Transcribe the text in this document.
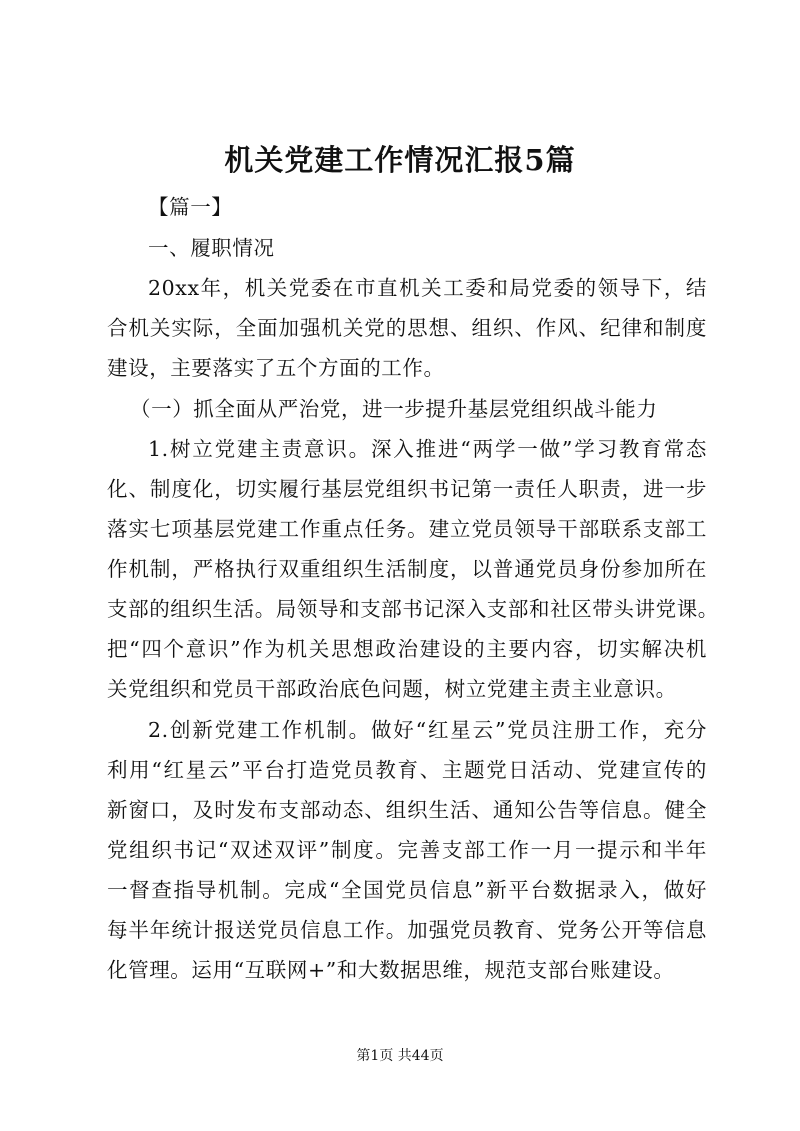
机关党建工作情况汇报5篇
【篇一】
一、履职情况
20xx年，机关党委在市直机关工委和局党委的领导下，结
合机关实际，全面加强机关党的思想、组织、作风、纪律和制度
建设，主要落实了五个方面的工作。
（一）抓全面从严治党，进一步提升基层党组织战斗能力
1.树立党建主责意识。深入推进“两学一做”学习教育常态
化、制度化，切实履行基层党组织书记第一责任人职责，进一步
落实七项基层党建工作重点任务。建立党员领导干部联系支部工
作机制，严格执行双重组织生活制度，以普通党员身份参加所在
支部的组织生活。局领导和支部书记深入支部和社区带头讲党课。
把“四个意识”作为机关思想政治建设的主要内容，切实解决机
关党组织和党员干部政治底色问题，树立党建主责主业意识。
2.创新党建工作机制。做好“红星云”党员注册工作，充分
利用“红星云”平台打造党员教育、主题党日活动、党建宣传的
新窗口，及时发布支部动态、组织生活、通知公告等信息。健全
党组织书记“双述双评”制度。完善支部工作一月一提示和半年
一督查指导机制。完成“全国党员信息”新平台数据录入，做好
每半年统计报送党员信息工作。加强党员教育、党务公开等信息
化管理。运用“互联网+”和大数据思维，规范支部台账建设。
第1页 共44页
